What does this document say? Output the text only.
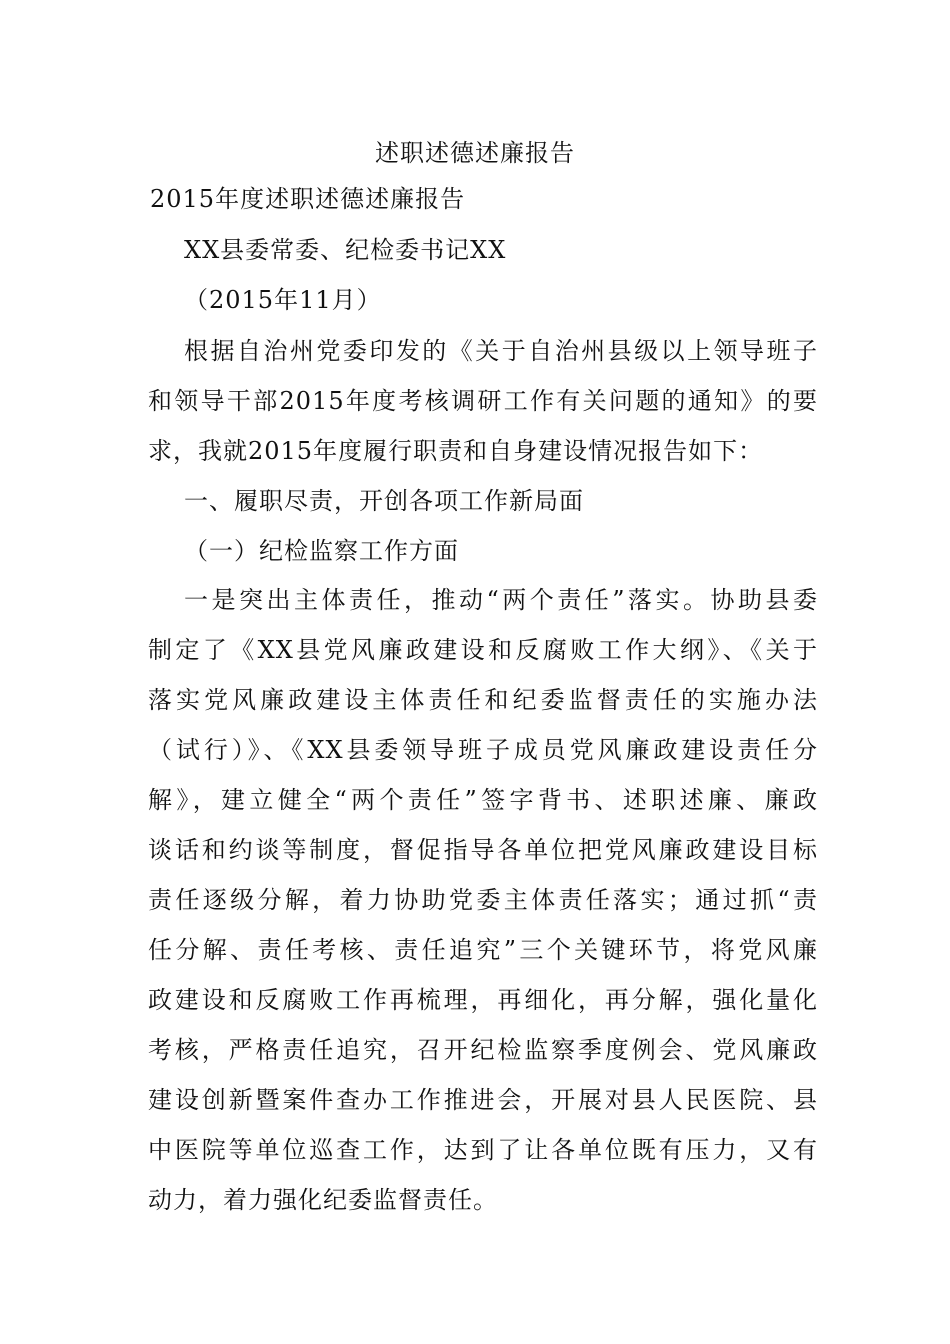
述职述德述廉报告
2015年度述职述德述廉报告
XX县委常委、纪检委书记XX
（2015年11月）
根据自治州党委印发的《关于自治州县级以上领导班子
和领导干部2015年度考核调研工作有关问题的通知》的要
求，我就2015年度履行职责和自身建设情况报告如下：
一、履职尽责，开创各项工作新局面
（一）纪检监察工作方面
一是突出主体责任，推动“两个责任”落实。协助县委
制定了《XX县党风廉政建设和反腐败工作大纲》、《关于
落实党风廉政建设主体责任和纪委监督责任的实施办法
（试行）》、《XX县委领导班子成员党风廉政建设责任分
解》，建立健全“两个责任”签字背书、述职述廉、廉政
谈话和约谈等制度，督促指导各单位把党风廉政建设目标
责任逐级分解，着力协助党委主体责任落实；通过抓“责
任分解、责任考核、责任追究”三个关键环节，将党风廉
政建设和反腐败工作再梳理，再细化，再分解，强化量化
考核，严格责任追究，召开纪检监察季度例会、党风廉政
建设创新暨案件查办工作推进会，开展对县人民医院、县
中医院等单位巡查工作，达到了让各单位既有压力，又有
动力，着力强化纪委监督责任。
